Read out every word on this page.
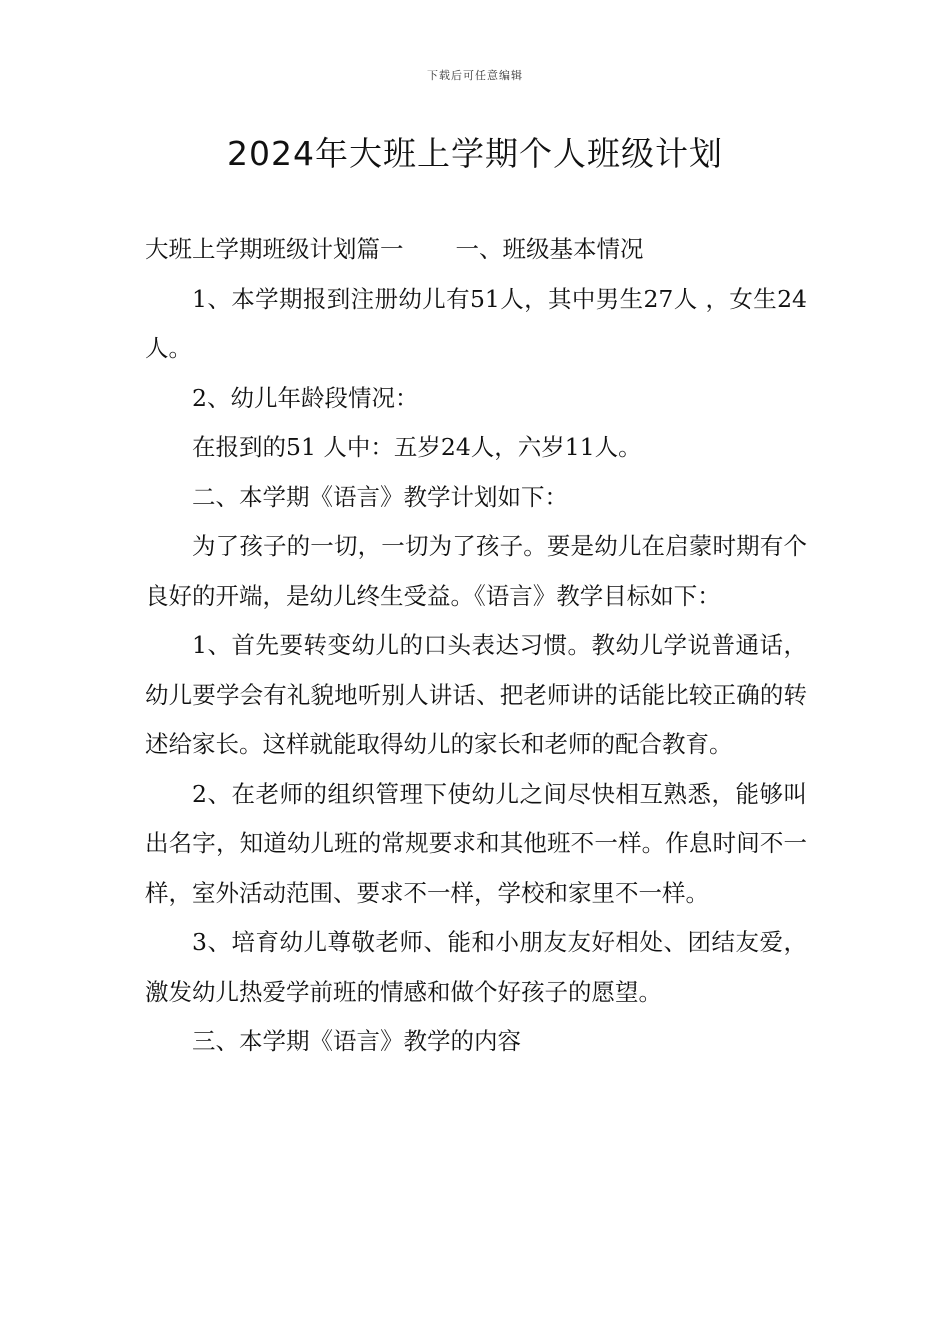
下载后可任意编辑
2024年大班上学期个人班级计划

大班上学期班级计划篇一 一、班级基本情况

1、本学期报到注册幼儿有51人，其中男生27人 ，女生24人。

2、幼儿年龄段情况：

在报到的51 人中：五岁24人，六岁11人。

二、本学期《语言》教学计划如下：

为了孩子的一切，一切为了孩子。要是幼儿在启蒙时期有个良好的开端，是幼儿终生受益。《语言》教学目标如下：

1、首先要转变幼儿的口头表达习惯。教幼儿学说普通话，幼儿要学会有礼貌地听别人讲话、把老师讲的话能比较正确的转述给家长。这样就能取得幼儿的家长和老师的配合教育。

2、在老师的组织管理下使幼儿之间尽快相互熟悉，能够叫出名字，知道幼儿班的常规要求和其他班不一样。作息时间不一样，室外活动范围、要求不一样，学校和家里不一样。

3、培育幼儿尊敬老师、能和小朋友友好相处、团结友爱，激发幼儿热爱学前班的情感和做个好孩子的愿望。

三、本学期《语言》教学的内容
